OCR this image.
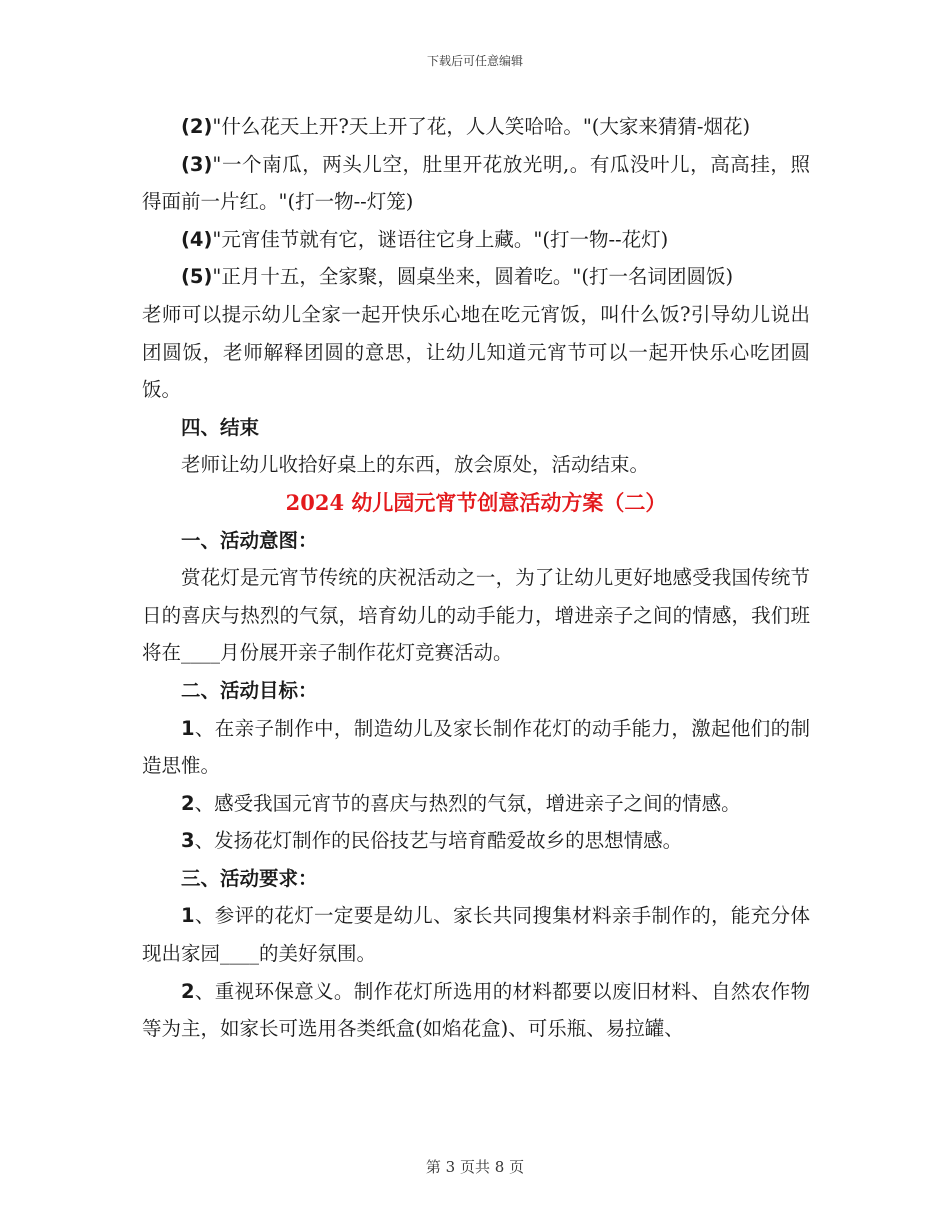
下载后可任意编辑

(2)"什么花天上开?天上开了花，人人笑哈哈。"(大家来猜猜-烟花)

(3)"一个南瓜，两头儿空，肚里开花放光明,。有瓜没叶儿，高高挂，照得面前一片红。"(打一物--灯笼)

(4)"元宵佳节就有它，谜语往它身上藏。"(打一物--花灯)

(5)"正月十五，全家聚，圆桌坐来，圆着吃。"(打一名词团圆饭)

老师可以提示幼儿全家一起开快乐心地在吃元宵饭，叫什么饭?引导幼儿说出团圆饭，老师解释团圆的意思，让幼儿知道元宵节可以一起开快乐心吃团圆饭。

四、结束

老师让幼儿收拾好桌上的东西，放会原处，活动结束。

2024 幼儿园元宵节创意活动方案（二）

一、活动意图：

赏花灯是元宵节传统的庆祝活动之一，为了让幼儿更好地感受我国传统节日的喜庆与热烈的气氛，培育幼儿的动手能力，增进亲子之间的情感，我们班将在____月份展开亲子制作花灯竞赛活动。

二、活动目标：

1、在亲子制作中，制造幼儿及家长制作花灯的动手能力，激起他们的制造思惟。

2、感受我国元宵节的喜庆与热烈的气氛，增进亲子之间的情感。

3、发扬花灯制作的民俗技艺与培育酷爱故乡的思想情感。

三、活动要求：

1、参评的花灯一定要是幼儿、家长共同搜集材料亲手制作的，能充分体现出家园____的美好氛围。

2、重视环保意义。制作花灯所选用的材料都要以废旧材料、自然农作物等为主，如家长可选用各类纸盒(如焰花盒)、可乐瓶、易拉罐、

第 3 页共 8 页
